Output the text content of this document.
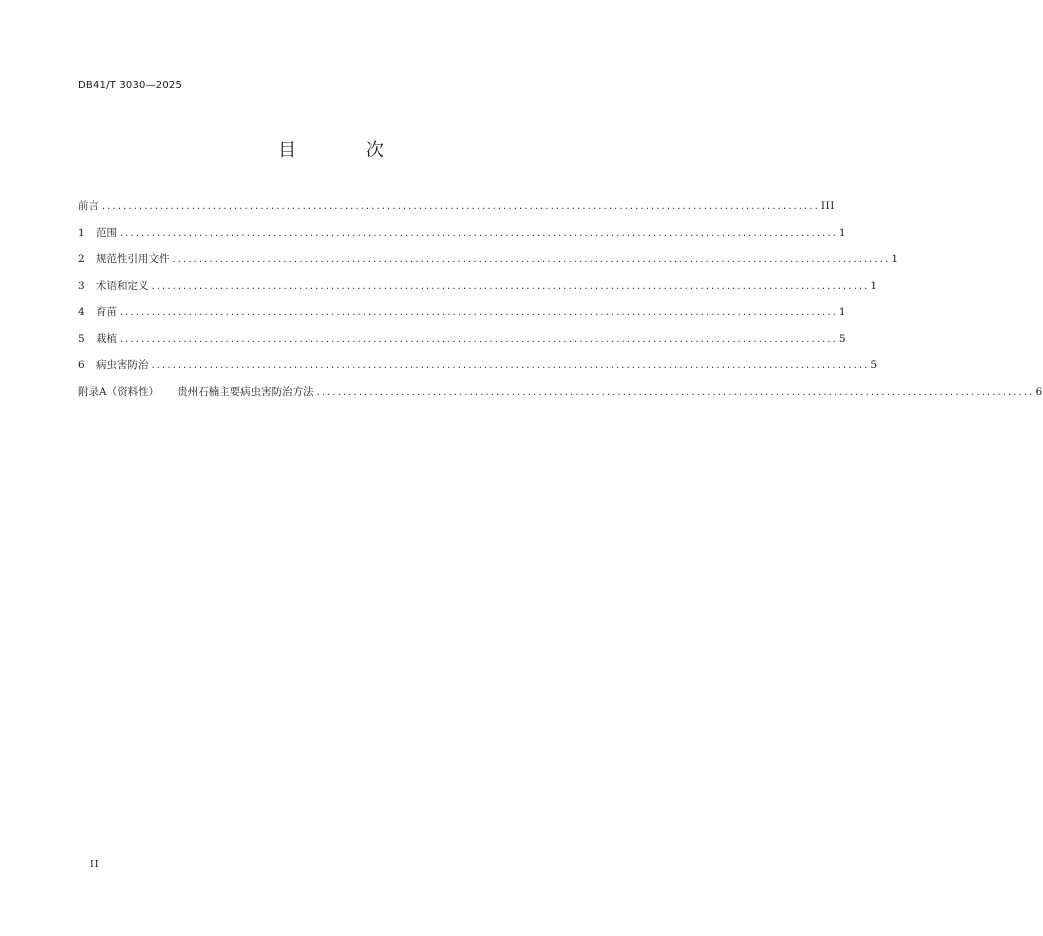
DB41/T 3030—2025
目 次
前言 ........................................................................................................................................ III
1	范围 ........................................................................................................................................ 1
2	规范性引用文件 ........................................................................................................................................ 1
3	术语和定义 ........................................................................................................................................ 1
4	育苗 ........................................................................................................................................ 1
5	栽植 ........................................................................................................................................ 5
6	病虫害防治 ........................................................................................................................................ 5
附录A（资料性） 贵州石楠主要病虫害防治方法 ........................................................................................................................................ 6
II
